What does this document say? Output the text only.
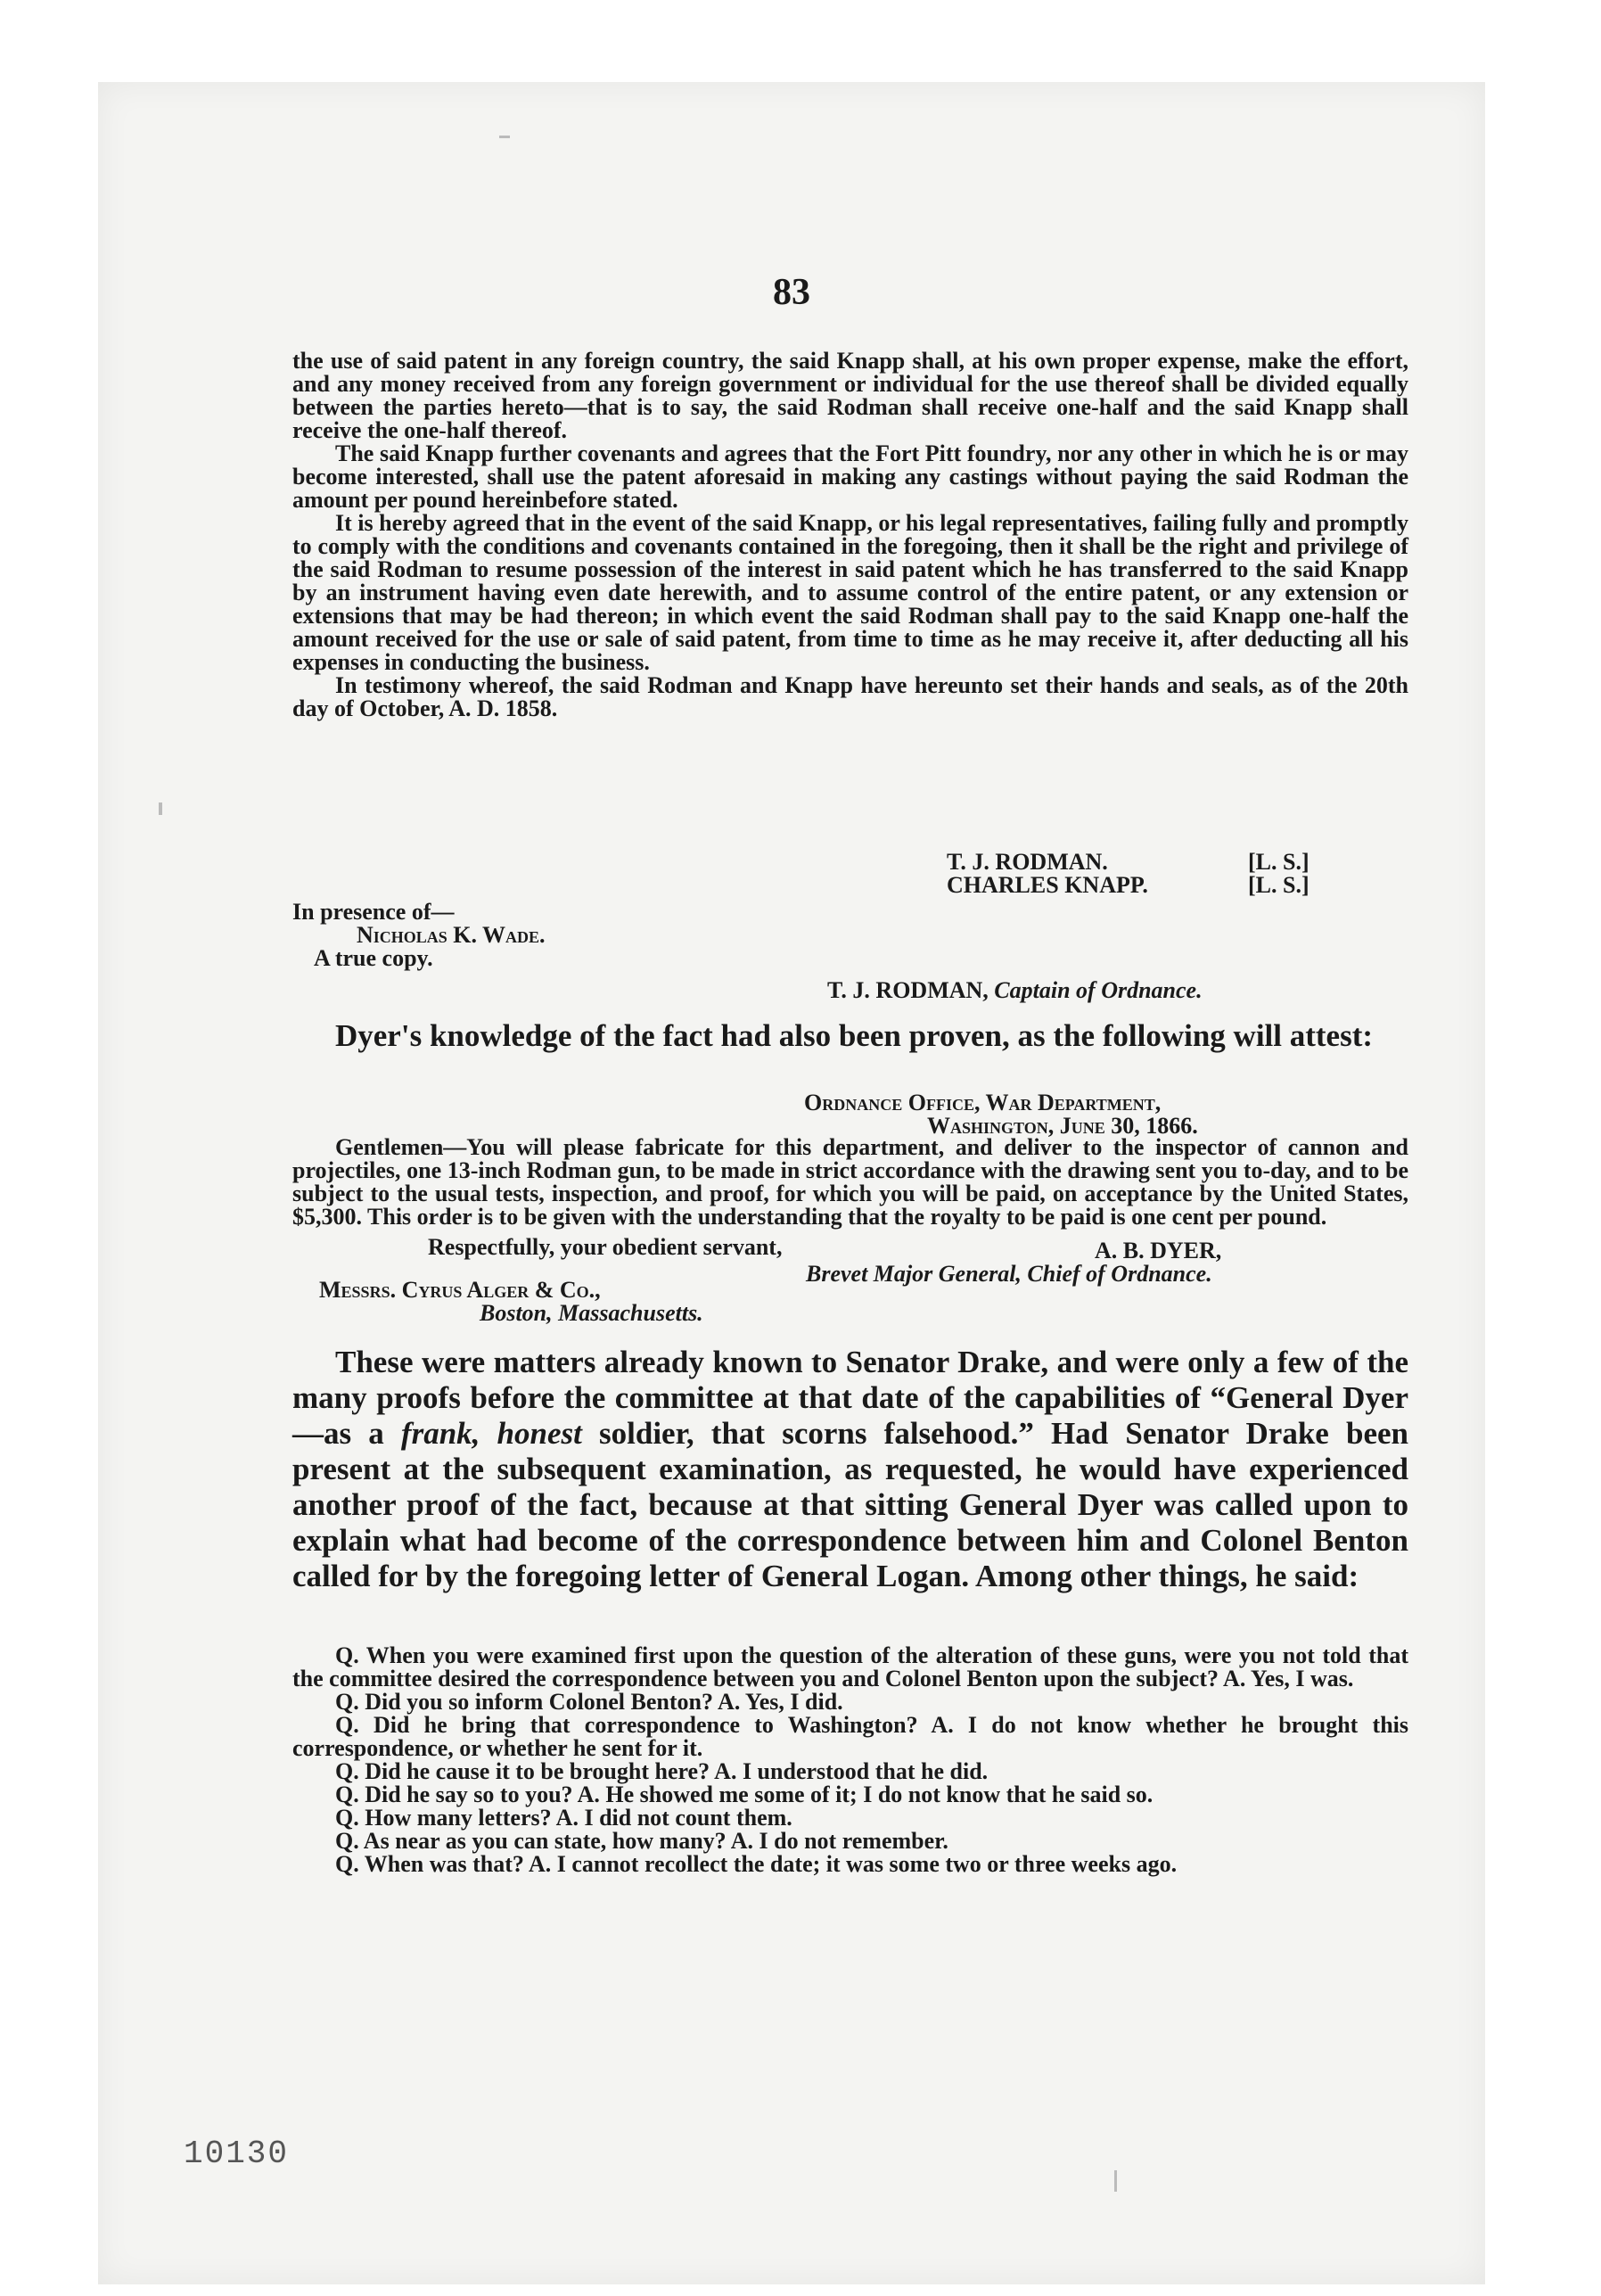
83

the use of said patent in any foreign country, the said Knapp shall, at his own proper expense, make the effort, and any money received from any foreign government or individual for the use thereof shall be divided equally between the parties hereto—that is to say, the said Rodman shall receive one-half and the said Knapp shall receive the one-half thereof.

The said Knapp further covenants and agrees that the Fort Pitt foundry, nor any other in which he is or may become interested, shall use the patent aforesaid in making any castings without paying the said Rodman the amount per pound hereinbefore stated.

It is hereby agreed that in the event of the said Knapp, or his legal representatives, failing fully and promptly to comply with the conditions and covenants contained in the foregoing, then it shall be the right and privilege of the said Rodman to resume possession of the interest in said patent which he has transferred to the said Knapp by an instrument having even date herewith, and to assume control of the entire patent, or any extension or extensions that may be had thereon; in which event the said Rodman shall pay to the said Knapp one-half the amount received for the use or sale of said patent, from time to time as he may receive it, after deducting all his expenses in conducting the business.

In testimony whereof, the said Rodman and Knapp have hereunto set their hands and seals, as of the 20th day of October, A. D. 1858.

T. J. RODMAN.	[L. S.]
CHARLES KNAPP.	[L. S.]
In presence of—
Nicholas K. Wade.
A true copy.
T. J. RODMAN, Captain of Ordnance.

Dyer's knowledge of the fact had also been proven, as the following will attest:

Ordnance Office, War Department,
Washington, June 30, 1866.

Gentlemen—You will please fabricate for this department, and deliver to the inspector of cannon and projectiles, one 13-inch Rodman gun, to be made in strict accordance with the drawing sent you to-day, and to be subject to the usual tests, inspection, and proof, for which you will be paid, on acceptance by the United States, $5,300. This order is to be given with the understanding that the royalty to be paid is one cent per pound.

Respectfully, your obedient servant,	A. B. DYER,
Brevet Major General, Chief of Ordnance.
Messrs. Cyrus Alger & Co.,
Boston, Massachusetts.

These were matters already known to Senator Drake, and were only a few of the many proofs before the committee at that date of the capabilities of “General Dyer—as a frank, honest soldier, that scorns falsehood.” Had Senator Drake been present at the subsequent examination, as requested, he would have experienced another proof of the fact, because at that sitting General Dyer was called upon to explain what had become of the correspondence between him and Colonel Benton called for by the foregoing letter of General Logan. Among other things, he said:

Q. When you were examined first upon the question of the alteration of these guns, were you not told that the committee desired the correspondence between you and Colonel Benton upon the subject? A. Yes, I was.

Q. Did you so inform Colonel Benton? A. Yes, I did.

Q. Did he bring that correspondence to Washington? A. I do not know whether he brought this correspondence, or whether he sent for it.

Q. Did he cause it to be brought here? A. I understood that he did.

Q. Did he say so to you? A. He showed me some of it; I do not know that he said so.

Q. How many letters? A. I did not count them.

Q. As near as you can state, how many? A. I do not remember.

Q. When was that? A. I cannot recollect the date; it was some two or three weeks ago.

10130
